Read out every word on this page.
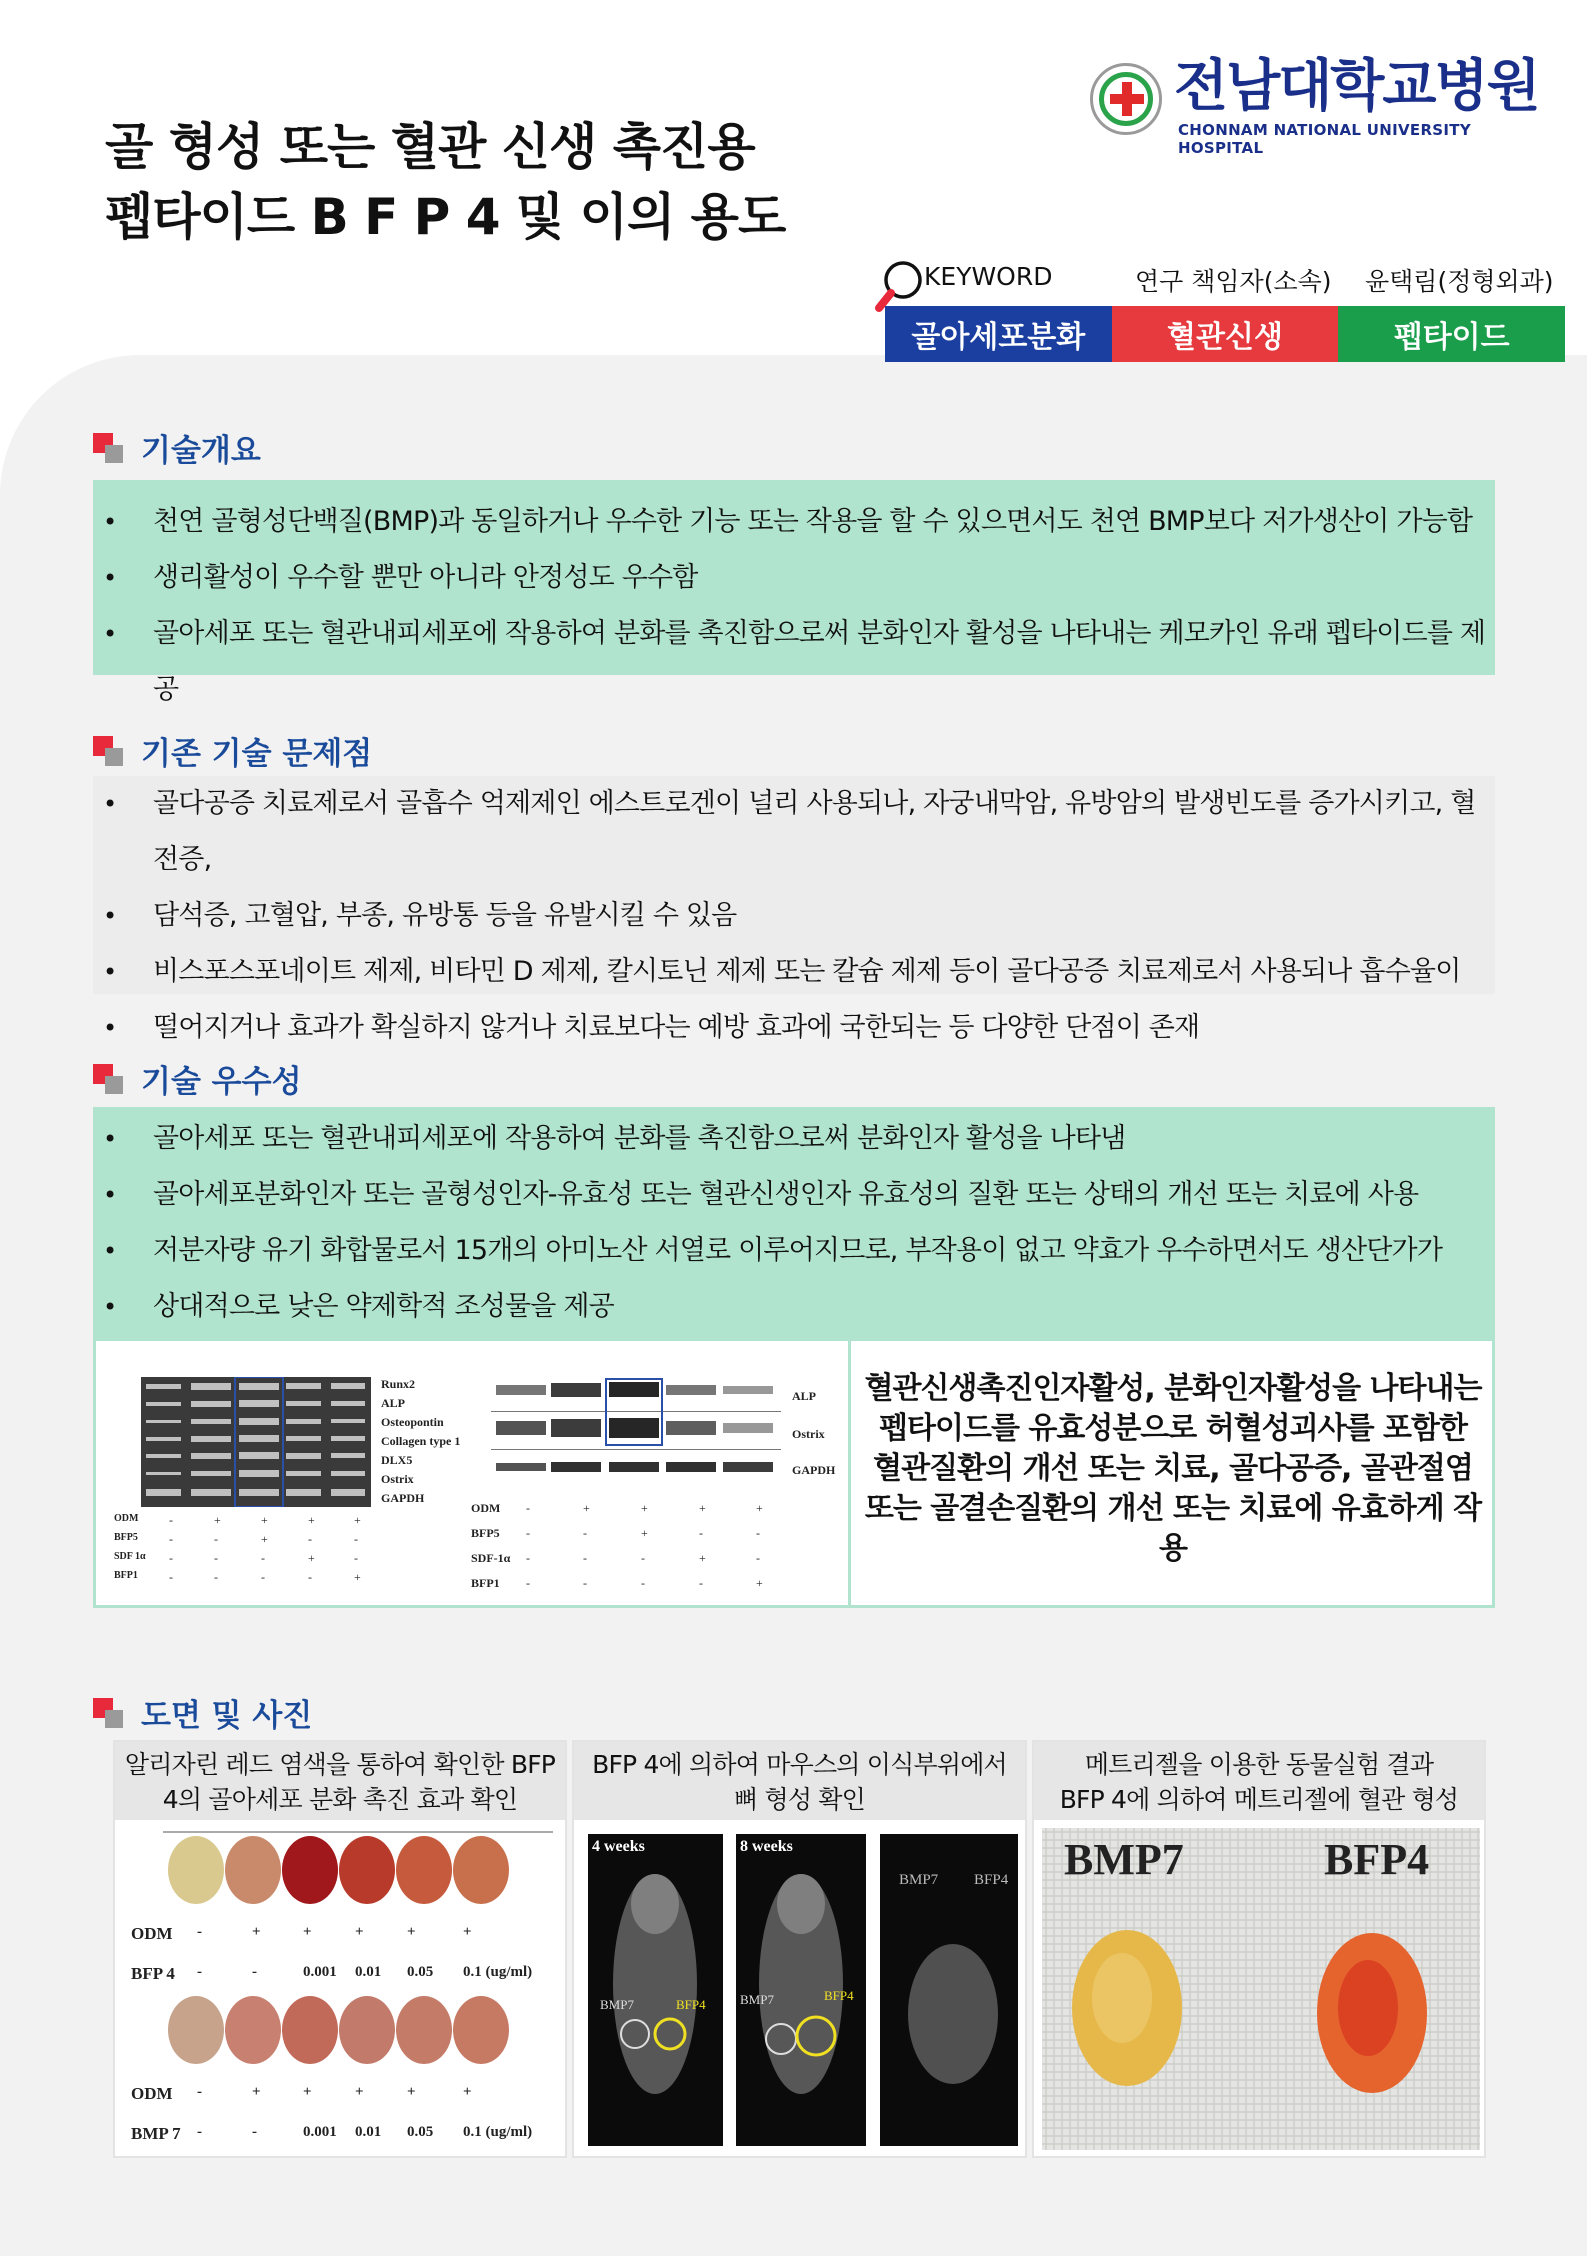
골 형성 또는 혈관 신생 촉진용
펩타이드 B F P 4 및 이의 용도
전남대학교병원
CHONNAM NATIONAL UNIVERSITY HOSPITAL
KEYWORD	연구 책임자(소속) 윤택림(정형외과)
골아세포분화	혈관신생	펩타이드
기술개요
• 천연 골형성단백질(BMP)과 동일하거나 우수한 기능 또는 작용을 할 수 있으면서도 천연 BMP보다 저가생산이 가능함
• 생리활성이 우수할 뿐만 아니라 안정성도 우수함
• 골아세포 또는 혈관내피세포에 작용하여 분화를 촉진함으로써 분화인자 활성을 나타내는 케모카인 유래 펩타이드를 제공
기존 기술 문제점
• 골다공증 치료제로서 골흡수 억제제인 에스트로겐이 널리 사용되나, 자궁내막암, 유방암의 발생빈도를 증가시키고, 혈전증,
• 담석증, 고혈압, 부종, 유방통 등을 유발시킬 수 있음
• 비스포스포네이트 제제, 비타민 D 제제, 칼시토닌 제제 또는 칼슘 제제 등이 골다공증 치료제로서 사용되나 흡수율이
• 떨어지거나 효과가 확실하지 않거나 치료보다는 예방 효과에 국한되는 등 다양한 단점이 존재
기술 우수성
• 골아세포 또는 혈관내피세포에 작용하여 분화를 촉진함으로써 분화인자 활성을 나타냄
• 골아세포분화인자 또는 골형성인자-유효성 또는 혈관신생인자 유효성의 질환 또는 상태의 개선 또는 치료에 사용
• 저분자량 유기 화합물로서 15개의 아미노산 서열로 이루어지므로, 부작용이 없고 약효가 우수하면서도 생산단가가
• 상대적으로 낮은 약제학적 조성물을 제공
Runx2
ALP
Osteopontin
Collagen type 1
DLX5
Ostrix
GAPDH
ODM	-	+	+	+	+
BFP5	-	-	+	-	-
SDF 1α -	-	-	+	-
BFP1	-	-	-	-	+
ALP
Ostrix
GAPDH
ODM -	+	+	+	+
BFP5 -	-	+	-	-
SDF-1α -	-	-	+	-
BFP1 -	-	-	-	+
혈관신생촉진인자활성, 분화인자활성을 나타내는
펩타이드를 유효성분으로 허혈성괴사를 포함한
혈관질환의 개선 또는 치료, 골다공증, 골관절염
또는 골결손질환의 개선 또는 치료에 유효하게 작용
도면 및 사진
알리자린 레드 염색을 통하여 확인한 BFP
4의 골아세포 분화 촉진 효과 확인
ODM -	+	+	+	+	+
BFP 4 -	-	0.001 0.01 0.05 0.1 (ug/ml)
ODM -	+	+	+	+	+
BMP 7 -	-	0.001 0.01 0.05 0.1 (ug/ml)
BFP 4에 의하여 마우스의 이식부위에서
뼈 형성 확인
4 weeks	8 weeks
BMP7	BFP4	BMP7	BFP4
BMP7 BFP4
메트리젤을 이용한 동물실험 결과
BFP 4에 의하여 메트리젤에 혈관 형성
BMP7	BFP4
